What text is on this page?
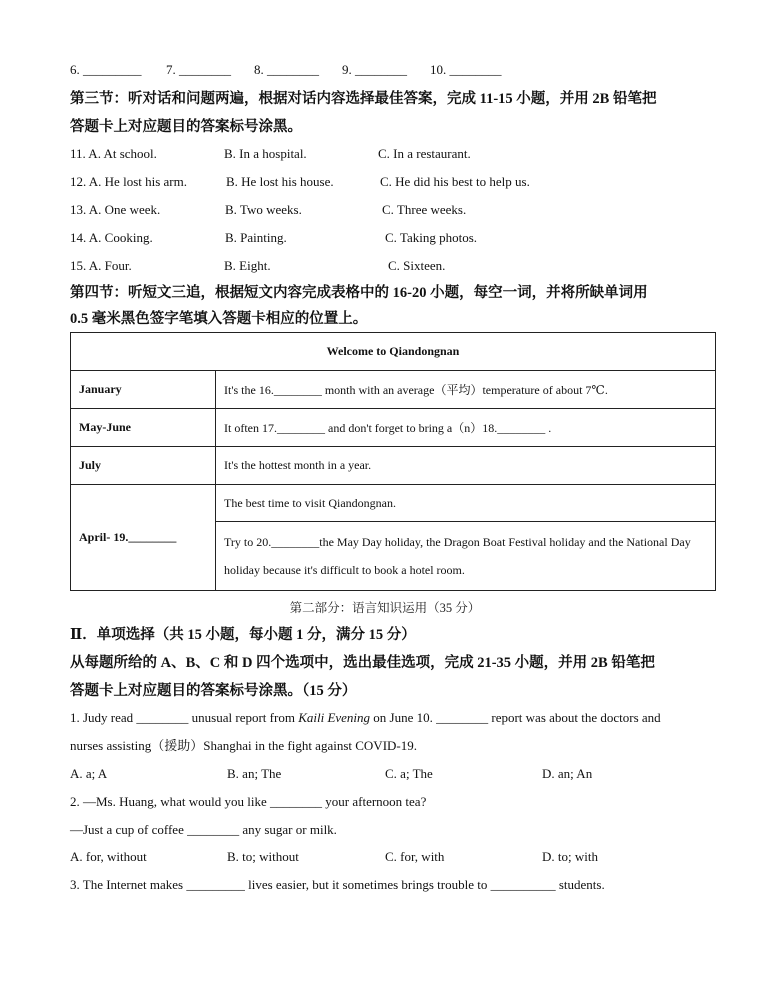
6. _________ 7. ________ 8. ________ 9. ________ 10. ________
第三节：听对话和问题两遍，根据对话内容选择最佳答案，完成 11-15 小题，并用 2B 铅笔把
答题卡上对应题目的答案标号涂黑。
11. A. At school.	B. In a hospital.	C. In a restaurant.
12. A. He lost his arm.	B. He lost his house.	C. He did his best to help us.
13. A. One week.	B. Two weeks.	C. Three weeks.
14. A. Cooking.	B. Painting.	C. Taking photos.
15. A. Four.	B. Eight.	C. Sixteen.
第四节：听短文三追，根据短文内容完成表格中的 16-20 小题，每空一词，并将所缺单词用
0.5 毫米黑色签字笔填入答题卡相应的位置上。
Welcome to Qiandongnan	
January	It's the 16.________ month with an average（平均）temperature of about 7℃.
May-June	It often 17.________ and don't forget to bring a（n）18.________ .
July	It's the hottest month in a year.
April- 19.________	The best time to visit Qiandongnan.
	Try to 20.________the May Day holiday, the Dragon Boat Festival holiday and the National Day holiday because it's difficult to book a hotel room.
第二部分：语言知识运用（35 分）
Ⅱ．单项选择（共 15 小题，每小题 1 分，满分 15 分）
从每题所给的 A、B、C 和 D 四个选项中，选出最佳选项，完成 21-35 小题，并用 2B 铅笔把
答题卡上对应题目的答案标号涂黑。（15 分）
1. Judy read ________ unusual report from Kaili Evening on June 10. ________ report was about the doctors and
nurses assisting（援助）Shanghai in the fight against COVID-19.
A. a; A	B. an; The	C. a; The	D. an; An
2. —Ms. Huang, what would you like ________ your afternoon tea?
—Just a cup of coffee ________ any sugar or milk.
A. for, without	B. to; without	C. for, with	D. to; with
3. The Internet makes _________ lives easier, but it sometimes brings trouble to __________ students.
